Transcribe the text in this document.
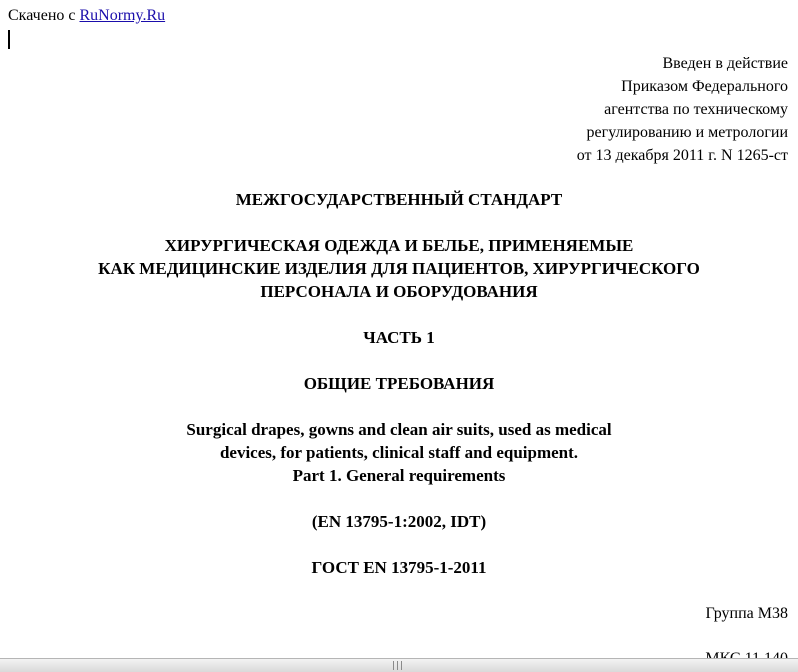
Скачено с RuNormy.Ru
Введен в действие
Приказом Федерального
агентства по техническому
регулированию и метрологии
от 13 декабря 2011 г. N 1265-ст
МЕЖГОСУДАРСТВЕННЫЙ СТАНДАРТ
ХИРУРГИЧЕСКАЯ ОДЕЖДА И БЕЛЬЕ, ПРИМЕНЯЕМЫЕ
КАК МЕДИЦИНСКИЕ ИЗДЕЛИЯ ДЛЯ ПАЦИЕНТОВ, ХИРУРГИЧЕСКОГО
ПЕРСОНАЛА И ОБОРУДОВАНИЯ
ЧАСТЬ 1
ОБЩИЕ ТРЕБОВАНИЯ
Surgical drapes, gowns and clean air suits, used as medical
devices, for patients, clinical staff and equipment.
Part 1. General requirements
(EN 13795-1:2002, IDT)
ГОСТ EN 13795-1-2011
Группа М38
